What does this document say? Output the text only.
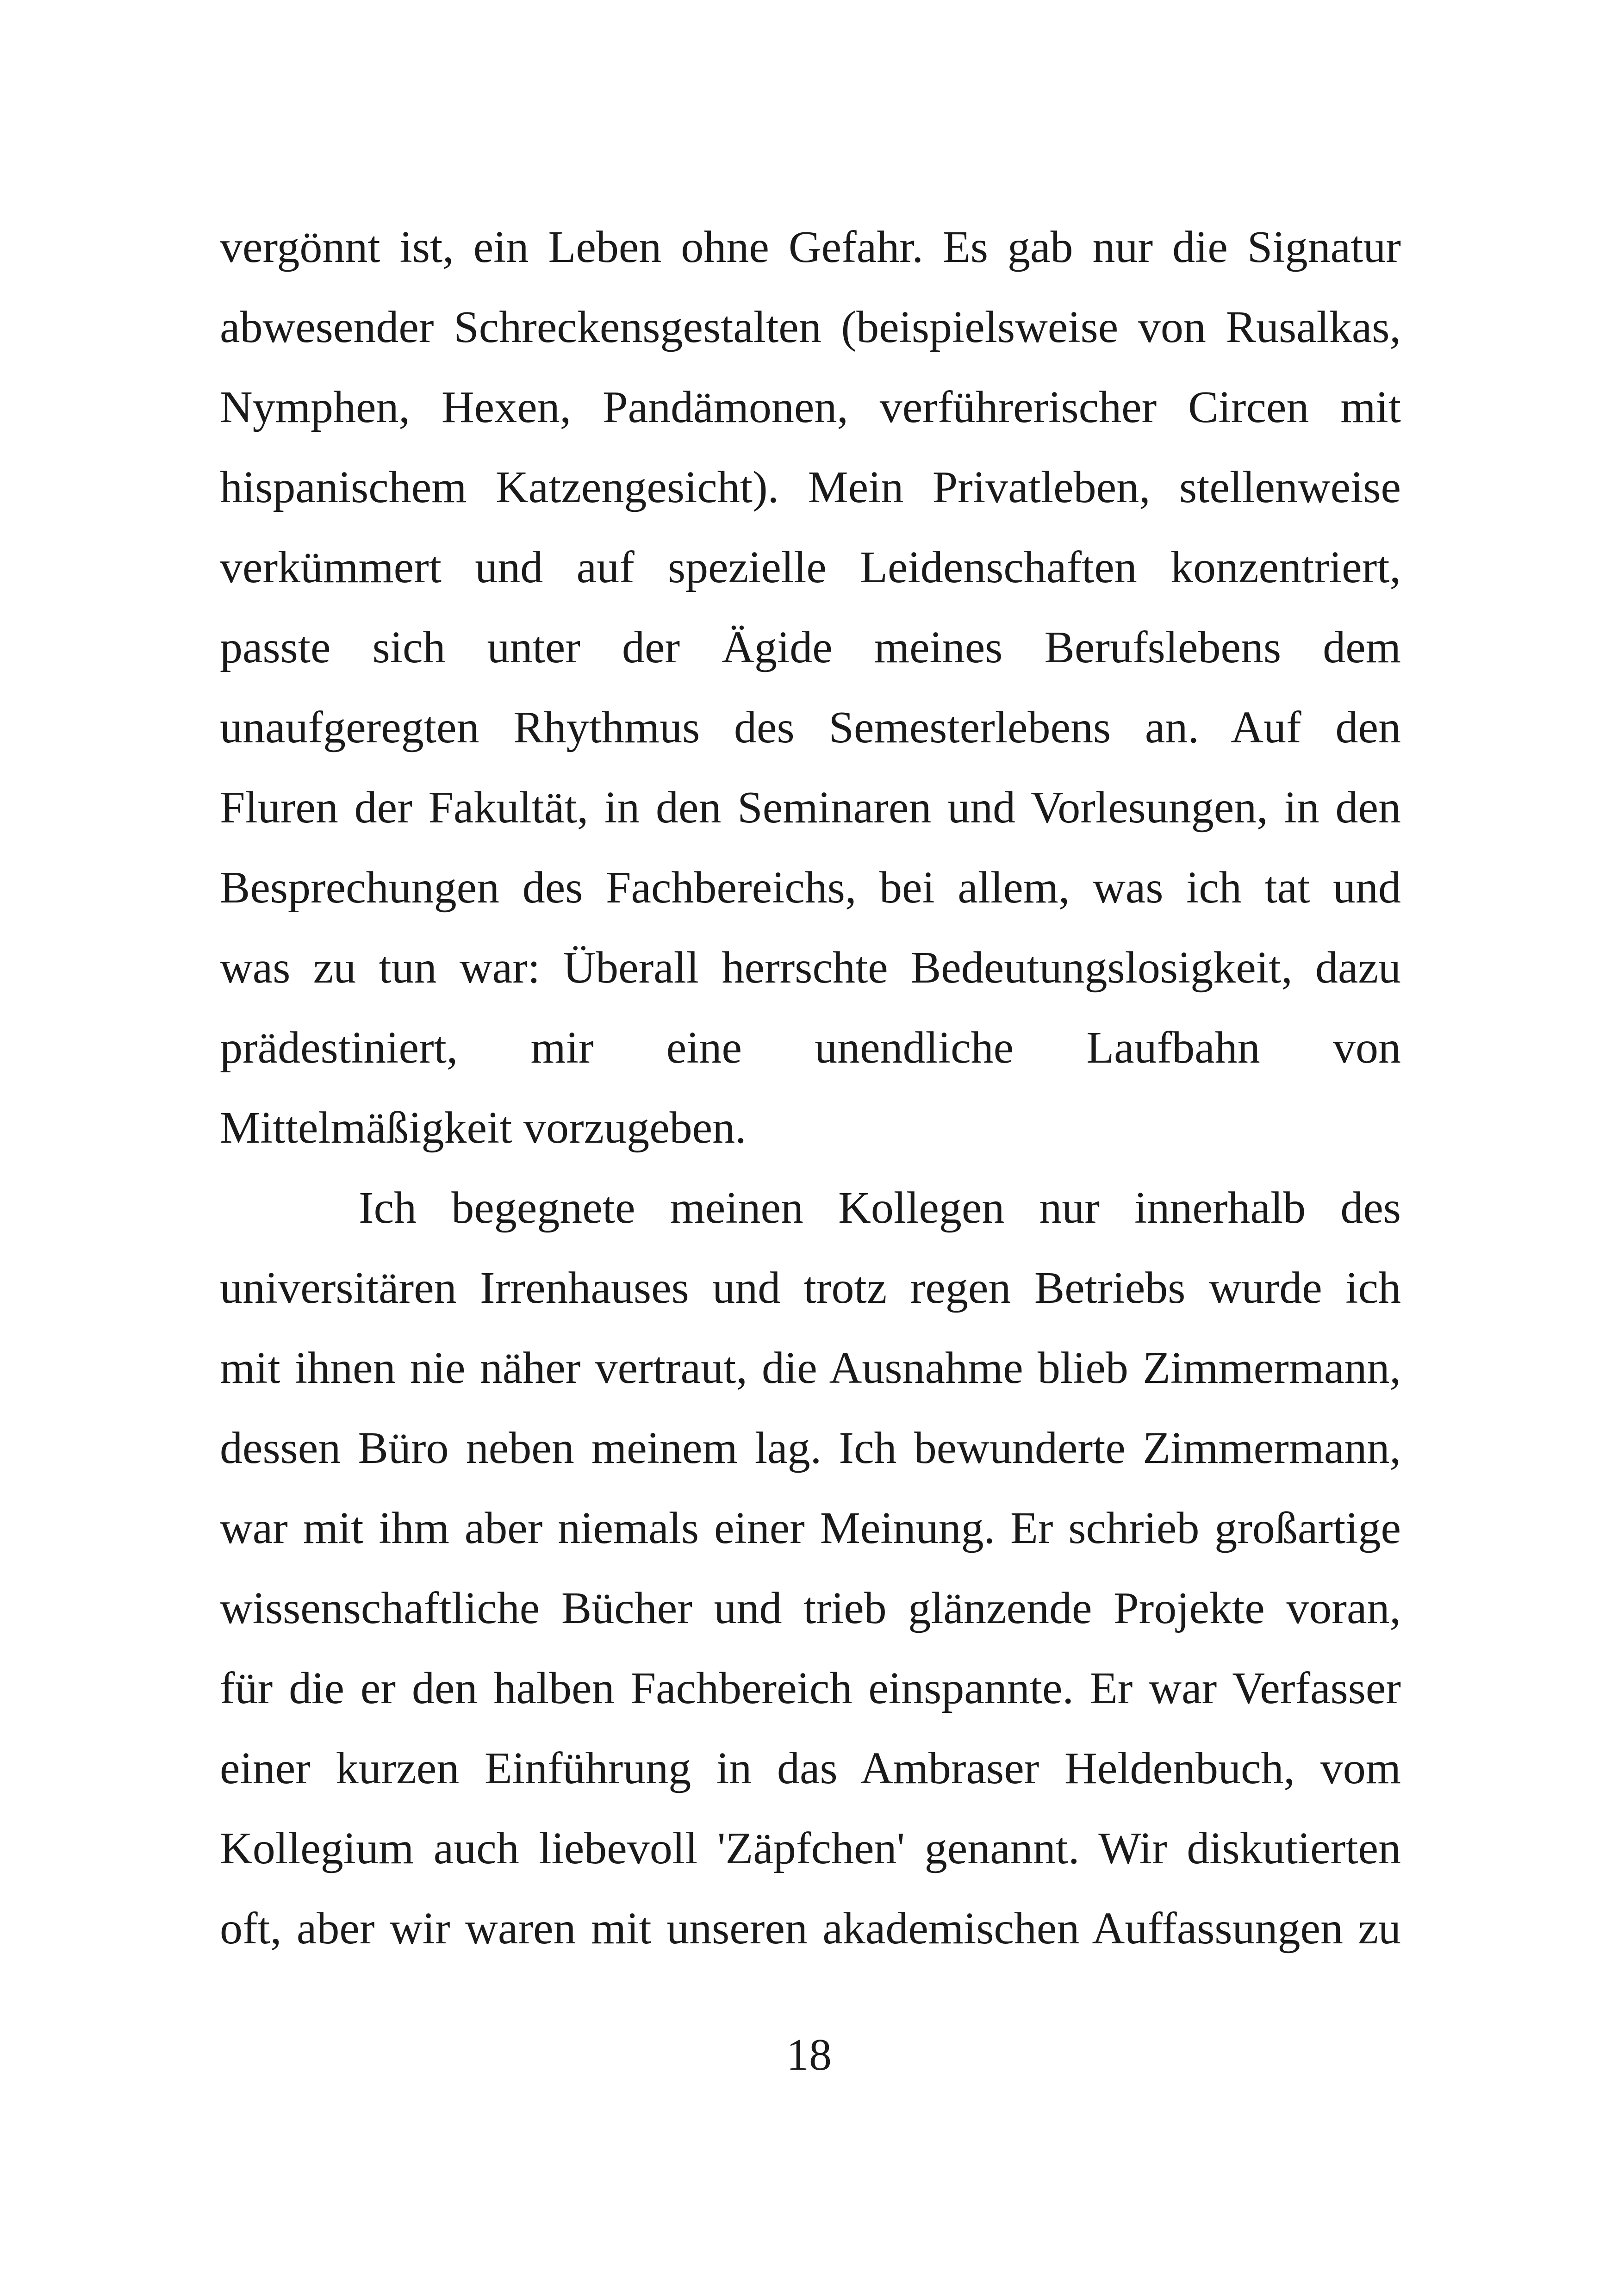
vergönnt ist, ein Leben ohne Gefahr. Es gab nur die Signatur
abwesender Schreckensgestalten (beispielsweise von Rusalkas,
Nymphen, Hexen, Pandämonen, verführerischer Circen mit
hispanischem Katzengesicht). Mein Privatleben, stellenweise
verkümmert und auf spezielle Leidenschaften konzentriert,
passte sich unter der Ägide meines Berufslebens dem
unaufgeregten Rhythmus des Semesterlebens an. Auf den
Fluren der Fakultät, in den Seminaren und Vorlesungen, in den
Besprechungen des Fachbereichs, bei allem, was ich tat und
was zu tun war: Überall herrschte Bedeutungslosigkeit, dazu
prädestiniert, mir eine unendliche Laufbahn von
Mittelmäßigkeit vorzugeben.
Ich begegnete meinen Kollegen nur innerhalb des
universitären Irrenhauses und trotz regen Betriebs wurde ich
mit ihnen nie näher vertraut, die Ausnahme blieb Zimmermann,
dessen Büro neben meinem lag. Ich bewunderte Zimmermann,
war mit ihm aber niemals einer Meinung. Er schrieb großartige
wissenschaftliche Bücher und trieb glänzende Projekte voran,
für die er den halben Fachbereich einspannte. Er war Verfasser
einer kurzen Einführung in das Ambraser Heldenbuch, vom
Kollegium auch liebevoll 'Zäpfchen' genannt. Wir diskutierten
oft, aber wir waren mit unseren akademischen Auffassungen zu
18
